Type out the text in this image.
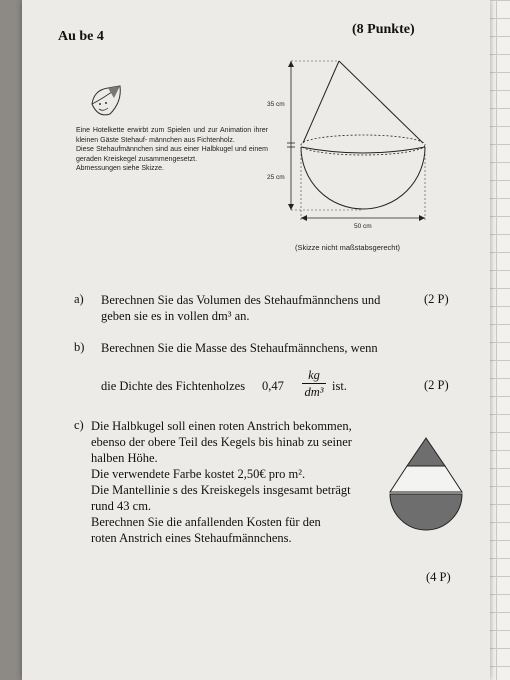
Au be 4	(8 Punkte)

Eine Hotelkette erwirbt zum Spielen und zur Animation ihrer kleinen Gäste Stehauf- männchen aus Fichtenholz.

Diese Stehaufmännchen sind aus einer Halbkugel und einem geraden Kreiskegel zusammengesetzt.

Abmessungen siehe Skizze.

35 cm
25 cm
50 cm
(Skizze nicht maßstabsgerecht)
a) Berechnen Sie das Volumen des Stehaufmännchens und

geben sie es in vollen dm³ an.

(2 P)
b) Berechnen Sie die Masse des Stehaufmännchens, wenn
die Dichte des Fichtenholzes 0,47
kg
dm³ ist.	(2 P)
c) Die Halbkugel soll einen roten Anstrich bekommen,

ebenso der obere Teil des Kegels bis hinab zu seiner

halben Höhe.

Die verwendete Farbe kostet 2,50€ pro m².

Die Mantellinie s des Kreiskegels insgesamt beträgt

rund 43 cm.

Berechnen Sie die anfallenden Kosten für den

roten Anstrich eines Stehaufmännchens.

(4 P)
